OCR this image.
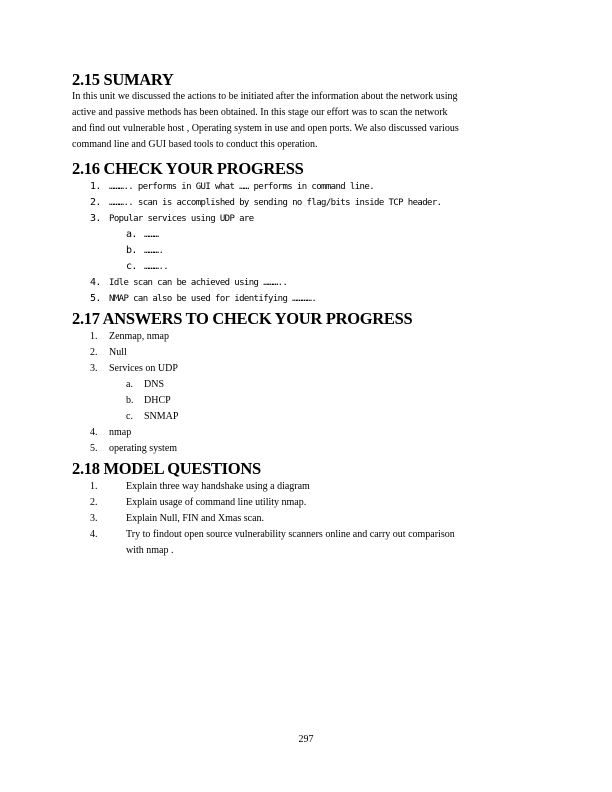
2.15 SUMARY
In this unit we discussed the actions to be initiated after the information about the network using
active and passive methods has been obtained. In this stage our effort was to scan the network
and find out vulnerable host , Operating system in use and open ports. We also discussed various
command line and GUI based tools to conduct this operation.
2.16 CHECK YOUR PROGRESS
1. ……….. performs in GUI what …… performs in command line.
2. ……….. scan is accomplished by sending no flag/bits inside TCP header.
3. Popular services using UDP are
a. ………
b. ……….
c. ………..
4. Idle scan can be achieved using ………..
5. NMAP can also be used for identifying ………….
2.17 ANSWERS TO CHECK YOUR PROGRESS
1. Zenmap, nmap
2. Null
3. Services on UDP
a. DNS
b. DHCP
c. SNMAP
4. nmap
5. operating system
2.18 MODEL QUESTIONS
1.	Explain three way handshake using a diagram
2.	Explain usage of command line utility nmap.
3.	Explain Null, FIN and Xmas scan.
4.	Try to findout open source vulnerability scanners online and carry out comparison
with nmap .
297
